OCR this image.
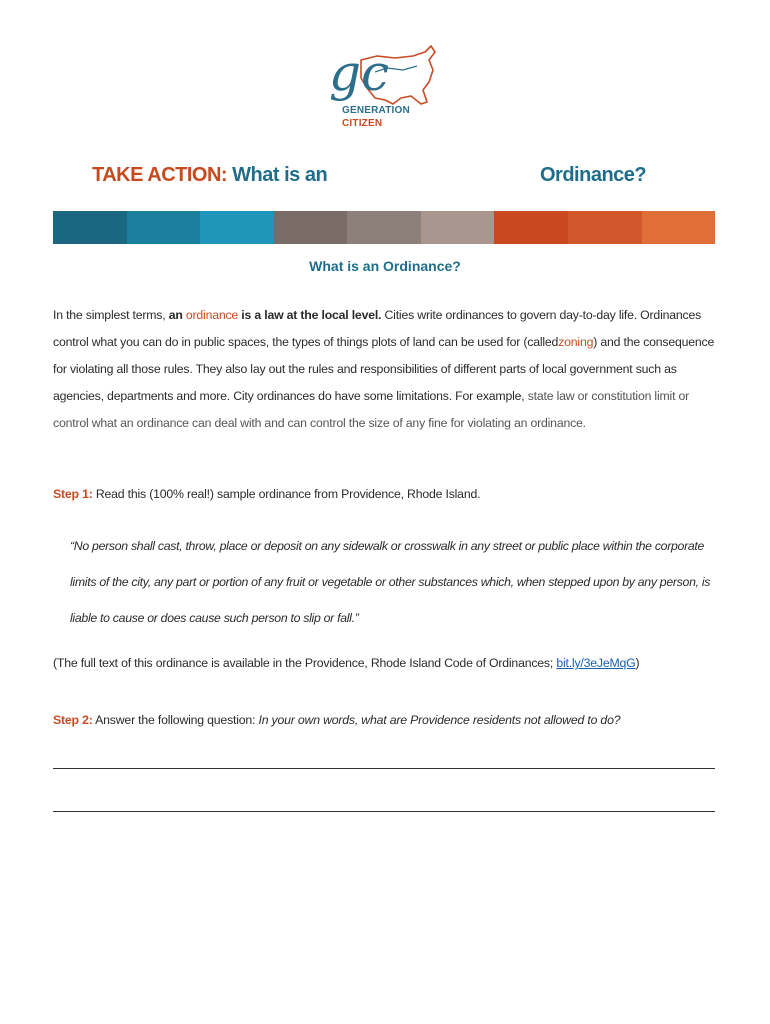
gc
GENERATION
CITIZEN
TAKE ACTION: What is an	Ordinance?
What is an Ordinance?
In the simplest terms, an ordinance is a law at the local level. Cities write ordinances to govern day-to-day life. Ordinances control what you can do in public spaces, the types of things plots of land can be used for (calledzoning) and the consequence for violating all those rules. They also lay out the rules and responsibilities of different parts of local government such as agencies, departments and more. City ordinances do have some limitations. For example, state law or constitution limit or control what an ordinance can deal with and can control the size of any fine for violating an ordinance.
Step 1: Read this (100% real!) sample ordinance from Providence, Rhode Island.
“No person shall cast, throw, place or deposit on any sidewalk or crosswalk in any street or public place within the corporate limits of the city, any part or portion of any fruit or vegetable or other substances which, when stepped upon by any person, is liable to cause or does cause such person to slip or fall.”
(The full text of this ordinance is available in the Providence, Rhode Island Code of Ordinances; bit.ly/3eJeMqG)
Step 2: Answer the following question: In your own words, what are Providence residents not allowed to do?
